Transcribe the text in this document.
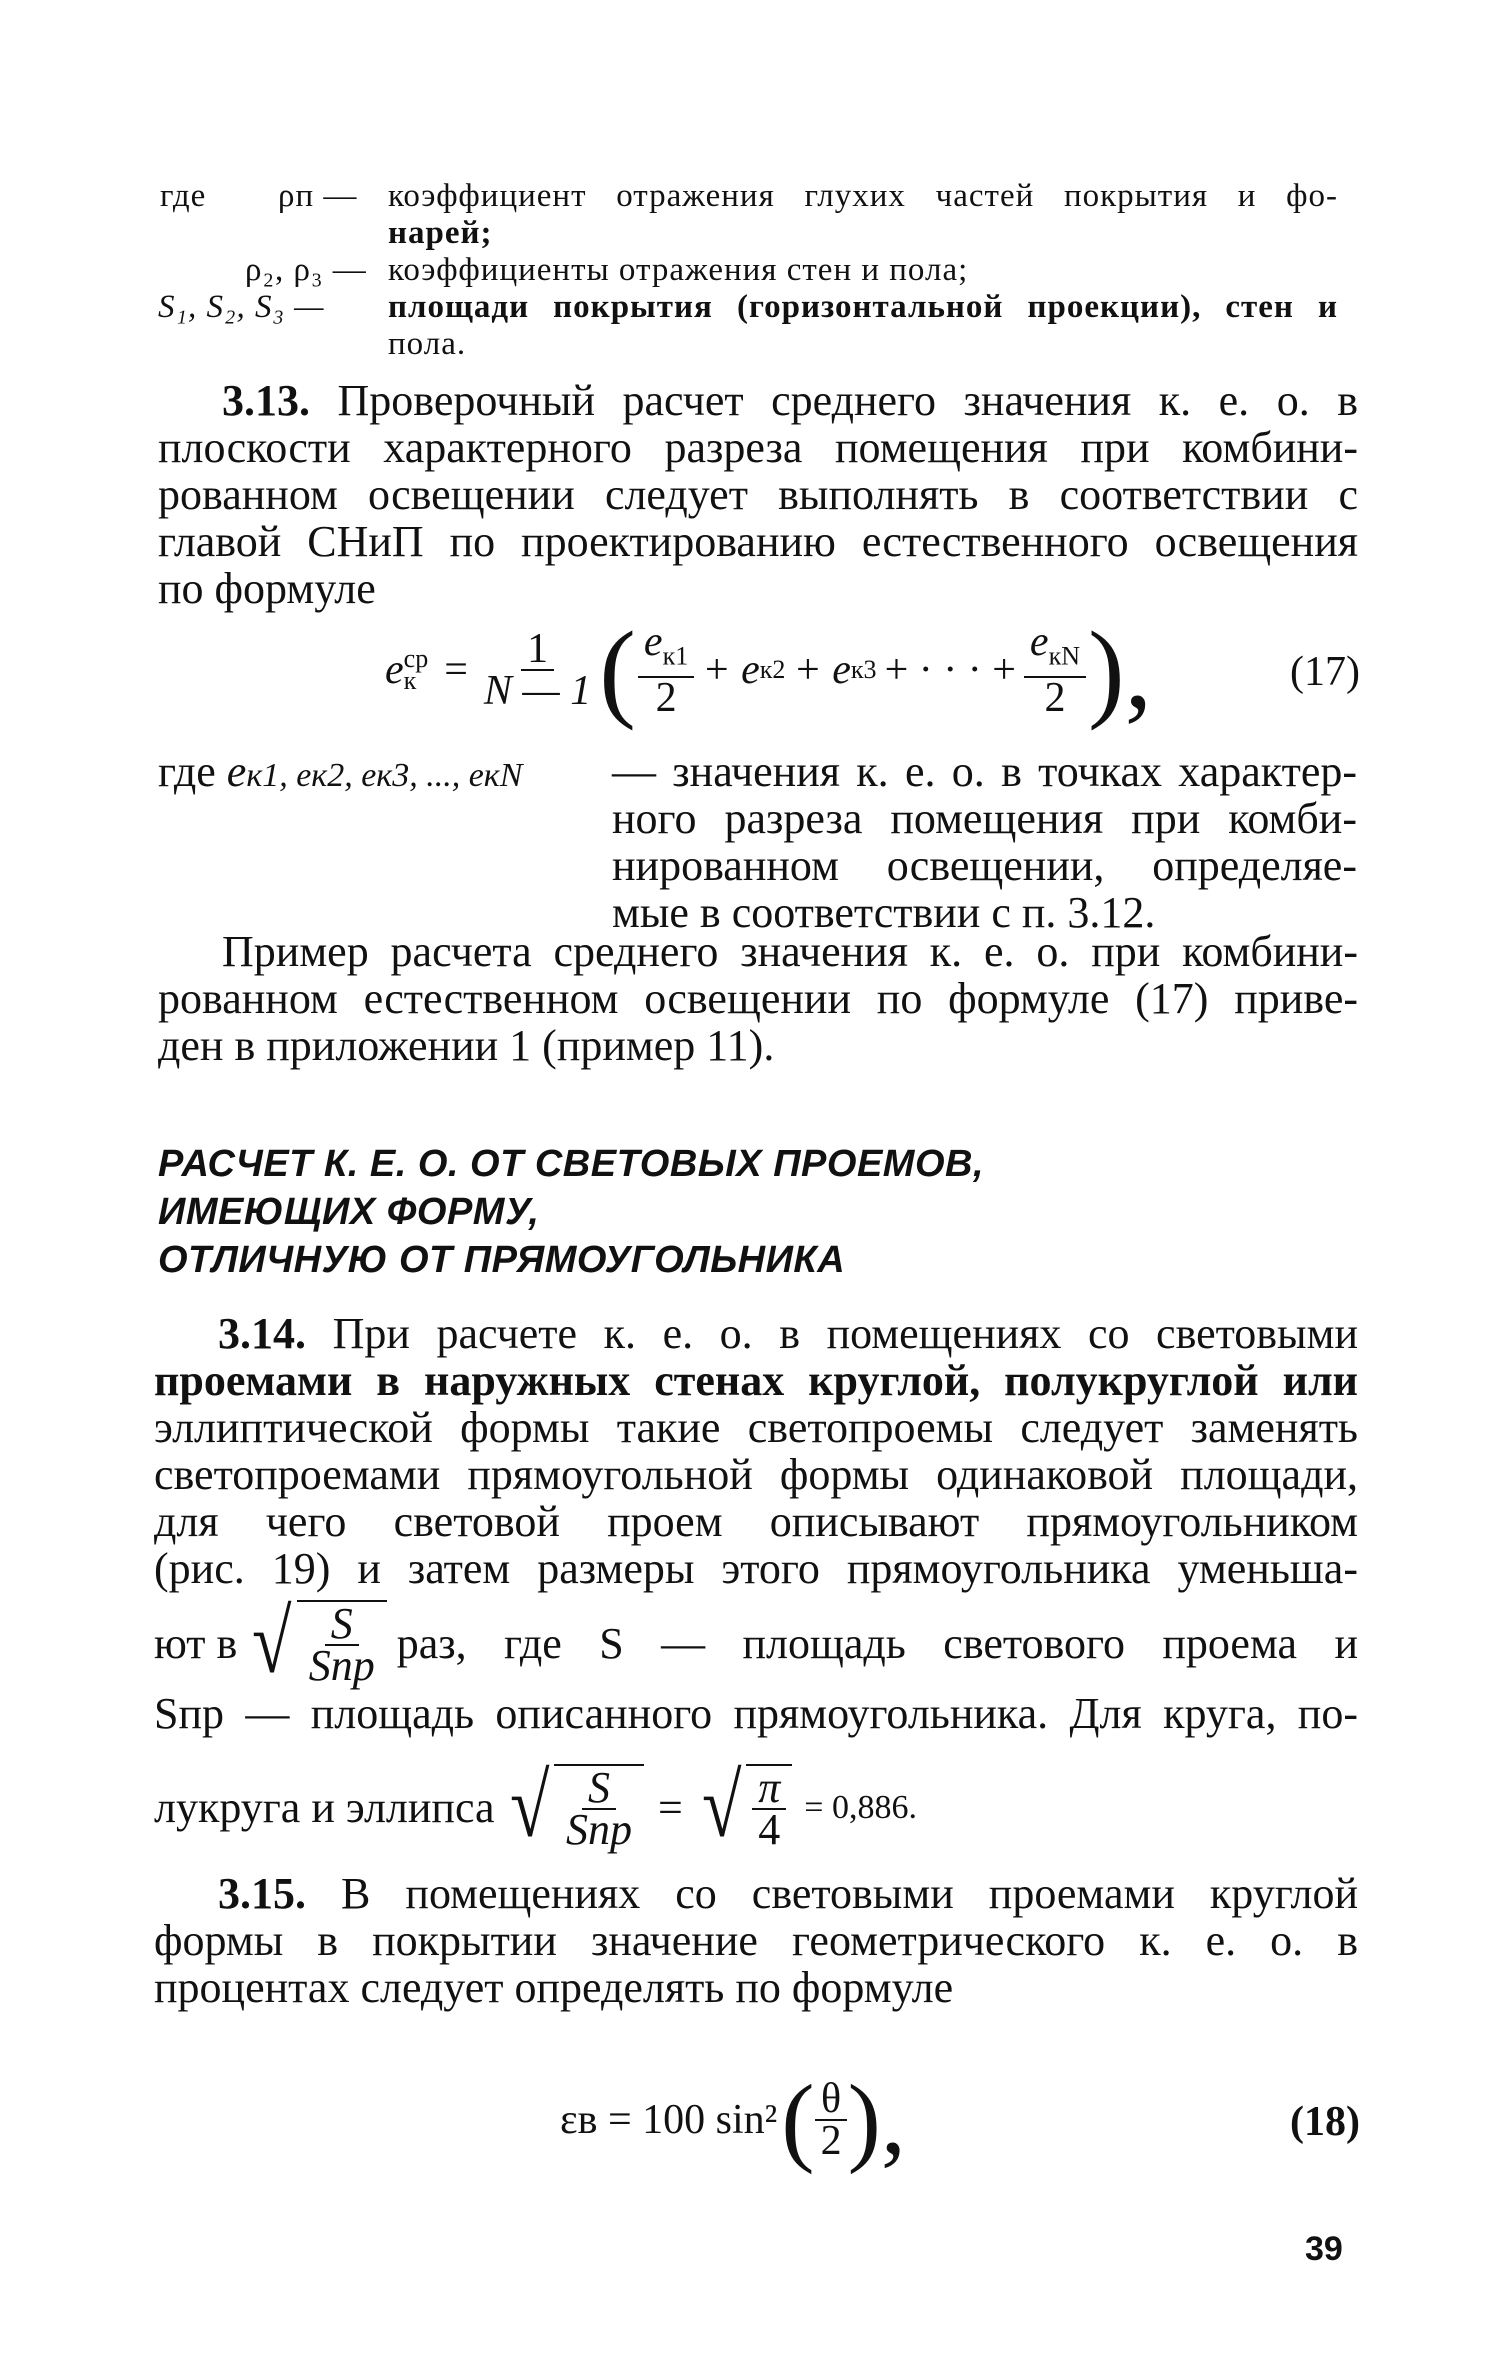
где ρп — коэффициент отражения глухих частей покрытия и фо-
нарей;
ρ₂, ρ₃ — коэффициенты отражения стен и пола;
S₁, S₂, S₃ — площади покрытия (горизонтальной проекции), стен и
пола.
3.13. Проверочный расчет среднего значения к. е. о. в
плоскости характерного разреза помещения при комбини-
рованном освещении следует выполнять в соответствии с
главой СНиП по проектированию естественного освещения
по формуле
e ср
$к = \frac{1}{N — 1}$ ( $\frac{e_{к1}}{2} + e$ к2 + e к3 + · · · + $\frac{e_{кN}}{2}$ ),	(17)
где eк1, eк2, eк3, ..., eкN — значения к. е. о. в точках характер-
ного разреза помещения при комби-
нированном освещении, определяе-
мые в соответствии с п. 3.12.
Пример расчета среднего значения к. е. о. при комбини-
рованном естественном освещении по формуле (17) приве-
ден в приложении 1 (пример 11).
РАСЧЕТ К. Е. О. ОТ СВЕТОВЫХ ПРОЕМОВ,
ИМЕЮЩИХ ФОРМУ,
ОТЛИЧНУЮ ОТ ПРЯМОУГОЛЬНИКА
3.14. При расчете к. е. о. в помещениях со световыми
проемами в наружных стенах круглой, полукруглой или
эллиптической формы такие светопроемы следует заменять
светопроемами прямоугольной формы одинаковой площади,
для чего световой проем описывают прямоугольником
(рис. 19) и затем размеры этого прямоугольника уменьша-
ют в √ $\frac{S}{\text{Sпр}}$ раз, где S — площадь светового проема и
Sпр — площадь описанного прямоугольника. Для круга, по-
лукруга и эллипса √ $\frac{S}{\text{Sпр}}$ = √ $\frac{\pi}{4} = 0,886$.
3.15. В помещениях со световыми проемами круглой
формы в покрытии значение геометрического к. е. о. в
процентах следует определять по формуле
εв = 100 sin² ( $\frac{\theta}{2}$ ),	(18)
39
